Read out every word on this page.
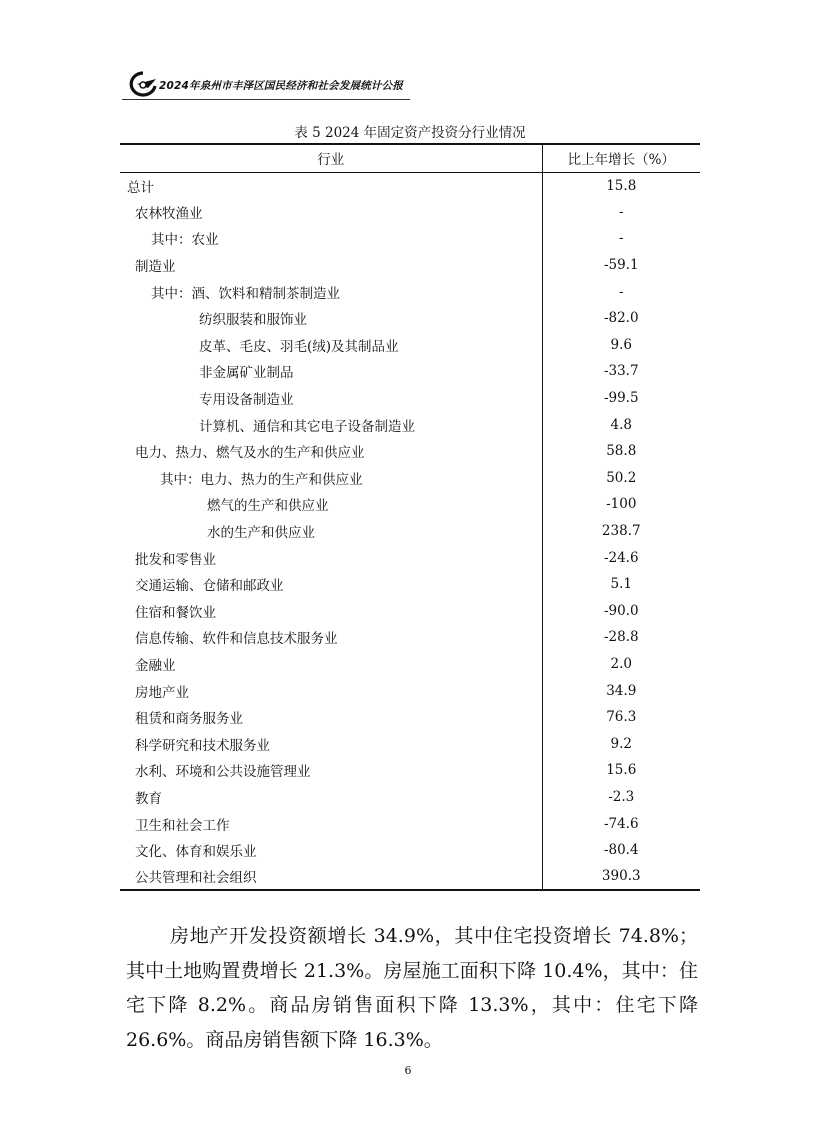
2024年泉州市丰泽区国民经济和社会发展统计公报
表 5 2024 年固定资产投资分行业情况
行业	比上年增长（%）
总计	15.8
农林牧渔业	-
其中：农业	-
制造业	-59.1
其中：酒、饮料和精制茶制造业	-
纺织服装和服饰业	-82.0
皮革、毛皮、羽毛(绒)及其制品业	9.6
非金属矿业制品	-33.7
专用设备制造业	-99.5
计算机、通信和其它电子设备制造业	4.8
电力、热力、燃气及水的生产和供应业	58.8
其中：电力、热力的生产和供应业	50.2
燃气的生产和供应业	-100
水的生产和供应业	238.7
批发和零售业	-24.6
交通运输、仓储和邮政业	5.1
住宿和餐饮业	-90.0
信息传输、软件和信息技术服务业	-28.8
金融业	2.0
房地产业	34.9
租赁和商务服务业	76.3
科学研究和技术服务业	9.2
水利、环境和公共设施管理业	15.6
教育	-2.3
卫生和社会工作	-74.6
文化、体育和娱乐业	-80.4
公共管理和社会组织	390.3

房地产开发投资额增长 34.9%，其中住宅投资增长 74.8%；其中土地购置费增长 21.3%。房屋施工面积下降 10.4%，其中：住宅下降 8.2%。商品房销售面积下降 13.3%，其中：住宅下降 26.6%。商品房销售额下降 16.3%。

6
